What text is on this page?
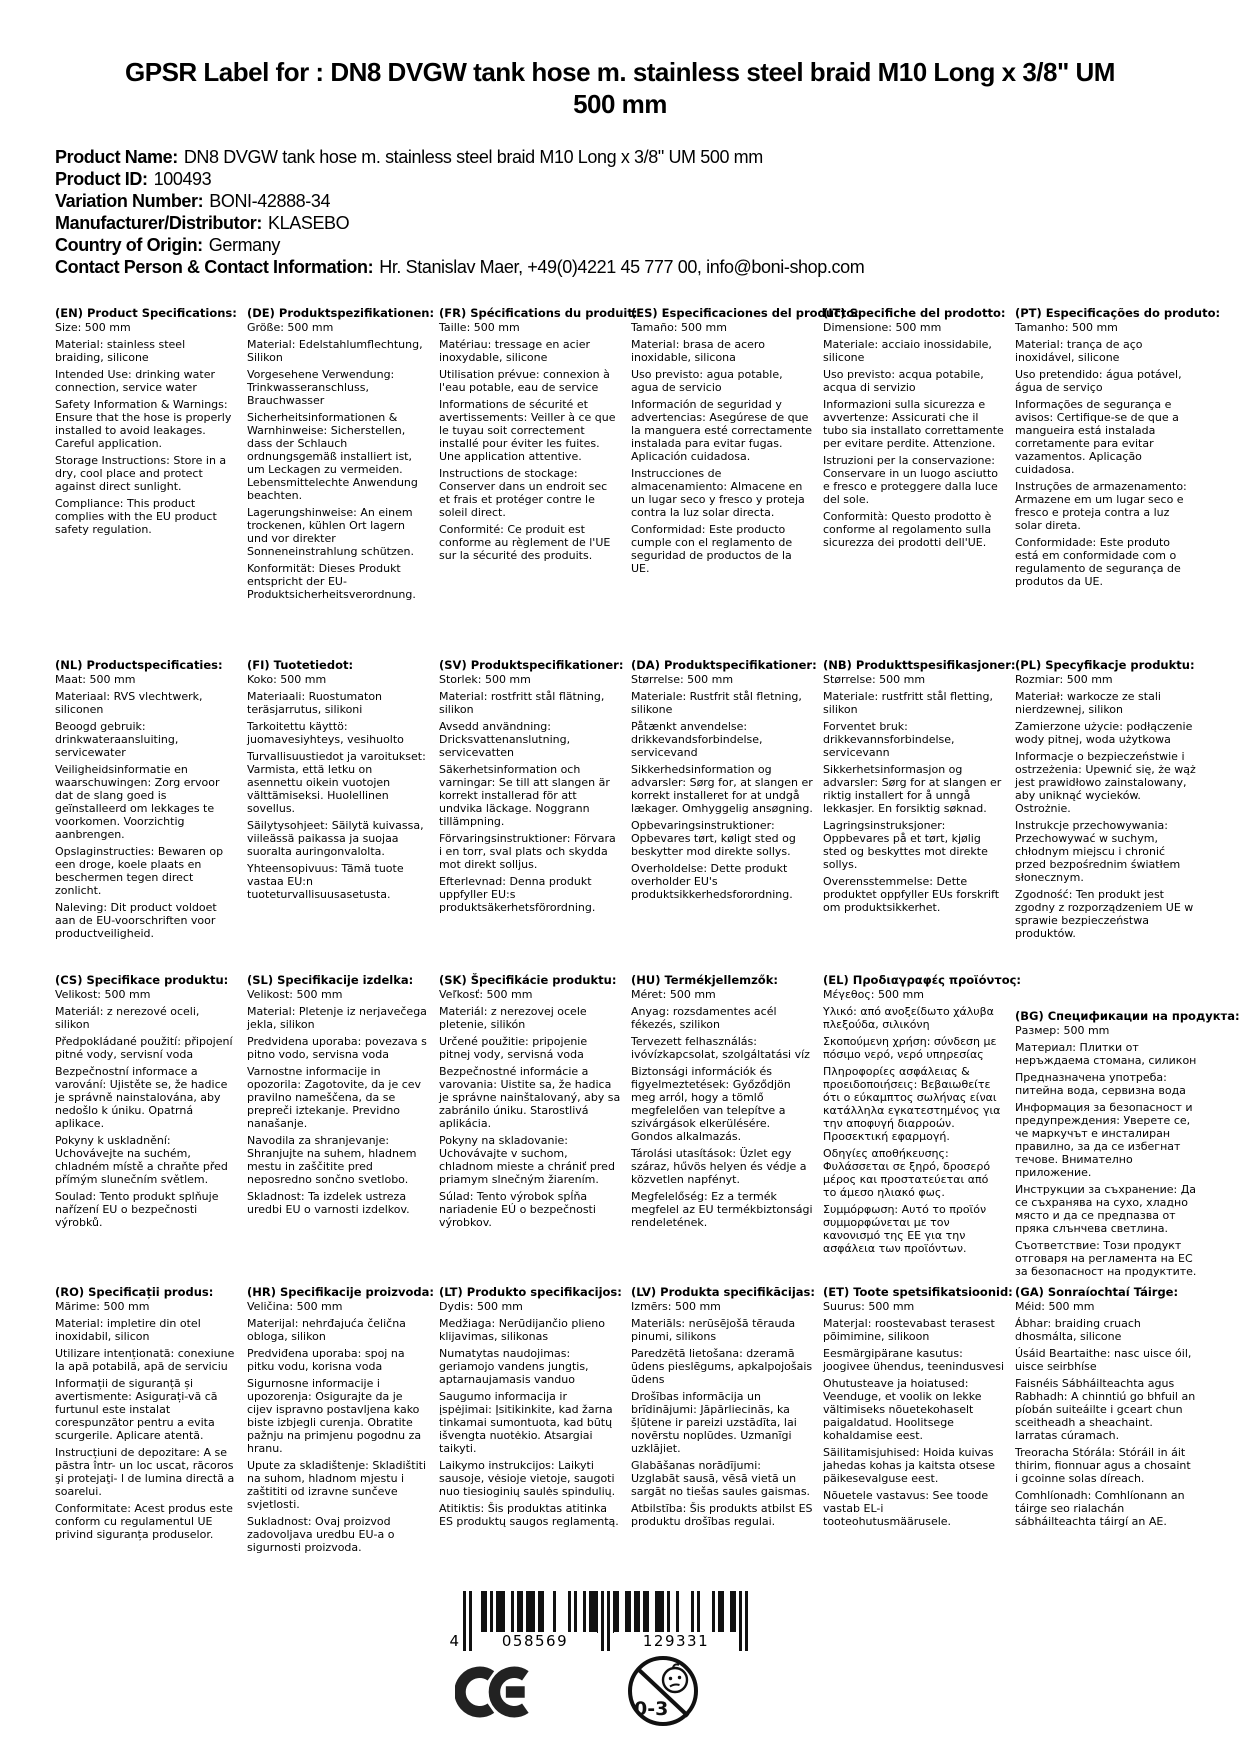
GPSR Label for : DN8 DVGW tank hose m. stainless steel braid M10 Long x 3/8" UM 500 mm
Product Name: DN8 DVGW tank hose m. stainless steel braid M10 Long x 3/8" UM 500 mm
Product ID: 100493
Variation Number: BONI-42888-34
Manufacturer/Distributor: KLASEBO
Country of Origin: Germany
Contact Person & Contact Information: Hr. Stanislav Maer, +49(0)4221 45 777 00, info@boni-shop.com
(EN) Product Specifications:

Size: 500 mm

Material: stainless steel braiding, silicone

Intended Use: drinking water connection, service water

Safety Information & Warnings: Ensure that the hose is properly installed to avoid leakages. Careful application.

Storage Instructions: Store in a dry, cool place and protect against direct sunlight.

Compliance: This product complies with the EU product safety regulation.

(DE) Produktspezifikationen:

Größe: 500 mm

Material: Edelstahlumflechtung, Silikon

Vorgesehene Verwendung: Trinkwasseranschluss, Brauchwasser

Sicherheitsinformationen & Warnhinweise: Sicherstellen, dass der Schlauch ordnungsgemäß installiert ist, um Leckagen zu vermeiden. Lebensmittelechte Anwendung beachten.

Lagerungshinweise: An einem trockenen, kühlen Ort lagern und vor direkter Sonneneinstrahlung schützen.

Konformität: Dieses Produkt entspricht der EU-Produktsicherheitsverordnung.

(FR) Spécifications du produit:

Taille: 500 mm

Matériau: tressage en acier inoxydable, silicone

Utilisation prévue: connexion à l'eau potable, eau de service

Informations de sécurité et avertissements: Veiller à ce que le tuyau soit correctement installé pour éviter les fuites. Une application attentive.

Instructions de stockage: Conserver dans un endroit sec et frais et protéger contre le soleil direct.

Conformité: Ce produit est conforme au règlement de l'UE sur la sécurité des produits.

(ES) Especificaciones del producto:

Tamaño: 500 mm

Material: brasa de acero inoxidable, silicona

Uso previsto: agua potable, agua de servicio

Información de seguridad y advertencias: Asegúrese de que la manguera esté correctamente instalada para evitar fugas. Aplicación cuidadosa.

Instrucciones de almacenamiento: Almacene en un lugar seco y fresco y proteja contra la luz solar directa.

Conformidad: Este producto cumple con el reglamento de seguridad de productos de la UE.

(IT) Specifiche del prodotto:

Dimensione: 500 mm

Materiale: acciaio inossidabile, silicone

Uso previsto: acqua potabile, acqua di servizio

Informazioni sulla sicurezza e avvertenze: Assicurati che il tubo sia installato correttamente per evitare perdite. Attenzione.

Istruzioni per la conservazione: Conservare in un luogo asciutto e fresco e proteggere dalla luce del sole.

Conformità: Questo prodotto è conforme al regolamento sulla sicurezza dei prodotti dell'UE.

(PT) Especificações do produto:

Tamanho: 500 mm

Material: trança de aço inoxidável, silicone

Uso pretendido: água potável, água de serviço

Informações de segurança e avisos: Certifique-se de que a mangueira está instalada corretamente para evitar vazamentos. Aplicação cuidadosa.

Instruções de armazenamento: Armazene em um lugar seco e fresco e proteja contra a luz solar direta.

Conformidade: Este produto está em conformidade com o regulamento de segurança de produtos da UE.

(NL) Productspecificaties:

Maat: 500 mm

Materiaal: RVS vlechtwerk, siliconen

Beoogd gebruik: drinkwateraansluiting, servicewater

Veiligheidsinformatie en waarschuwingen: Zorg ervoor dat de slang goed is geïnstalleerd om lekkages te voorkomen. Voorzichtig aanbrengen.

Opslaginstructies: Bewaren op een droge, koele plaats en beschermen tegen direct zonlicht.

Naleving: Dit product voldoet aan de EU-voorschriften voor productveiligheid.

(FI) Tuotetiedot:

Koko: 500 mm

Materiaali: Ruostumaton teräsjarrutus, silikoni

Tarkoitettu käyttö: juomavesiyhteys, vesihuolto

Turvallisuustiedot ja varoitukset: Varmista, että letku on asennettu oikein vuotojen välttämiseksi. Huolellinen sovellus.

Säilytysohjeet: Säilytä kuivassa, viileässä paikassa ja suojaa suoralta auringonvalolta.

Yhteensopivuus: Tämä tuote vastaa EU:n tuoteturvallisuusasetusta.

(SV) Produktspecifikationer:

Storlek: 500 mm

Material: rostfritt stål flätning, silikon

Avsedd användning: Dricksvattenanslutning, servicevatten

Säkerhetsinformation och varningar: Se till att slangen är korrekt installerad för att undvika läckage. Noggrann tillämpning.

Förvaringsinstruktioner: Förvara i en torr, sval plats och skydda mot direkt solljus.

Efterlevnad: Denna produkt uppfyller EU:s produktsäkerhetsförordning.

(DA) Produktspecifikationer:

Størrelse: 500 mm

Materiale: Rustfrit stål fletning, silikone

Påtænkt anvendelse: drikkevandsforbindelse, servicevand

Sikkerhedsinformation og advarsler: Sørg for, at slangen er korrekt installeret for at undgå lækager. Omhyggelig ansøgning.

Opbevaringsinstruktioner: Opbevares tørt, køligt sted og beskytter mod direkte sollys.

Overholdelse: Dette produkt overholder EU's produktsikkerhedsforordning.

(NB) Produkttspesifikasjoner:

Størrelse: 500 mm

Materiale: rustfritt stål fletting, silikon

Forventet bruk: drikkevannsforbindelse, servicevann

Sikkerhetsinformasjon og advarsler: Sørg for at slangen er riktig installert for å unngå lekkasjer. En forsiktig søknad.

Lagringsinstruksjoner: Oppbevares på et tørt, kjølig sted og beskyttes mot direkte sollys.

Overensstemmelse: Dette produktet oppfyller EUs forskrift om produktsikkerhet.

(PL) Specyfikacje produktu:

Rozmiar: 500 mm

Materiał: warkocze ze stali nierdzewnej, silikon

Zamierzone użycie: podłączenie wody pitnej, woda użytkowa

Informacje o bezpieczeństwie i ostrzeżenia: Upewnić się, że wąż jest prawidłowo zainstalowany, aby uniknąć wycieków. Ostrożnie.

Instrukcje przechowywania: Przechowywać w suchym, chłodnym miejscu i chronić przed bezpośrednim światłem słonecznym.

Zgodność: Ten produkt jest zgodny z rozporządzeniem UE w sprawie bezpieczeństwa produktów.

(CS) Specifikace produktu:

Velikost: 500 mm

Materiál: z nerezové oceli, silikon

Předpokládané použití: připojení pitné vody, servisní voda

Bezpečnostní informace a varování: Ujistěte se, že hadice je správně nainstalována, aby nedošlo k úniku. Opatrná aplikace.

Pokyny k uskladnění: Uchovávejte na suchém, chladném místě a chraňte před přímým slunečním světlem.

Soulad: Tento produkt splňuje nařízení EU o bezpečnosti výrobků.

(SL) Specifikacije izdelka:

Velikost: 500 mm

Material: Pletenje iz nerjavečega jekla, silikon

Predvidena uporaba: povezava s pitno vodo, servisna voda

Varnostne informacije in opozorila: Zagotovite, da je cev pravilno nameščena, da se prepreči iztekanje. Previdno nanašanje.

Navodila za shranjevanje: Shranjujte na suhem, hladnem mestu in zaščitite pred neposredno sončno svetlobo.

Skladnost: Ta izdelek ustreza uredbi EU o varnosti izdelkov.

(SK) Špecifikácie produktu:

Veľkosť: 500 mm

Materiál: z nerezovej ocele pletenie, silikón

Určené použitie: pripojenie pitnej vody, servisná voda

Bezpečnostné informácie a varovania: Uistite sa, že hadica je správne nainštalovaný, aby sa zabránilo úniku. Starostlivá aplikácia.

Pokyny na skladovanie: Uchovávajte v suchom, chladnom mieste a chrániť pred priamym slnečným žiarením.

Súlad: Tento výrobok spĺňa nariadenie EÚ o bezpečnosti výrobkov.

(HU) Termékjellemzők:

Méret: 500 mm

Anyag: rozsdamentes acél fékezés, szilikon

Tervezett felhasználás: ivóvízkapcsolat, szolgáltatási víz

Biztonsági információk és figyelmeztetések: Győződjön meg arról, hogy a tömlő megfelelően van telepítve a szivárgások elkerülésére. Gondos alkalmazás.

Tárolási utasítások: Üzlet egy száraz, hűvös helyen és védje a közvetlen napfényt.

Megfelelőség: Ez a termék megfelel az EU termékbiztonsági rendeletének.

(EL) Προδιαγραφές προϊόντος:

Μέγεθος: 500 mm

Υλικό: από ανοξείδωτο χάλυβα πλεξούδα, σιλικόνη

Σκοπούμενη χρήση: σύνδεση με πόσιμο νερό, νερό υπηρεσίας

Πληροφορίες ασφάλειας & προειδοποιήσεις: Βεβαιωθείτε ότι ο εύκαμπτος σωλήνας είναι κατάλληλα εγκατεστημένος για την αποφυγή διαρροών. Προσεκτική εφαρμογή.

Οδηγίες αποθήκευσης: Φυλάσσεται σε ξηρό, δροσερό μέρος και προστατεύεται από το άμεσο ηλιακό φως.

Συμμόρφωση: Αυτό το προϊόν συμμορφώνεται με τον κανονισμό της ΕΕ για την ασφάλεια των προϊόντων.

(BG) Спецификации на продукта:

Размер: 500 mm

Материал: Плитки от неръждаема стомана, силикон

Предназначена употреба: питейна вода, сервизна вода

Информация за безопасност и предупреждения: Уверете се, че маркучът е инсталиран правилно, за да се избегнат течове. Внимателно приложение.

Инструкции за съхранение: Да се съхранява на сухо, хладно място и да се предпазва от пряка слънчева светлина.

Съответствие: Този продукт отговаря на регламента на ЕС за безопасност на продуктите.

(RO) Specificații produs:

Mărime: 500 mm

Material: impletire din otel inoxidabil, silicon

Utilizare intenționată: conexiune la apă potabilă, apă de serviciu

Informații de siguranță și avertismente: Asigurați-vă că furtunul este instalat corespunzător pentru a evita scurgerile. Aplicare atentă.

Instrucțiuni de depozitare: A se păstra într- un loc uscat, răcoros şi protejaţi- l de lumina directă a soarelui.

Conformitate: Acest produs este conform cu regulamentul UE privind siguranța produselor.

(HR) Specifikacije proizvoda:

Veličina: 500 mm

Materijal: nehrđajuća čelična obloga, silikon

Predviđena uporaba: spoj na pitku vodu, korisna voda

Sigurnosne informacije i upozorenja: Osigurajte da je cijev ispravno postavljena kako biste izbjegli curenja. Obratite pažnju na primjenu pogodnu za hranu.

Upute za skladištenje: Skladištiti na suhom, hladnom mjestu i zaštititi od izravne sunčeve svjetlosti.

Sukladnost: Ovaj proizvod zadovoljava uredbu EU-a o sigurnosti proizvoda.

(LT) Produkto specifikacijos:

Dydis: 500 mm

Medžiaga: Nerūdijančio plieno klijavimas, silikonas

Numatytas naudojimas: geriamojo vandens jungtis, aptarnaujamasis vanduo

Saugumo informacija ir įspėjimai: Įsitikinkite, kad žarna tinkamai sumontuota, kad būtų išvengta nuotėkio. Atsargiai taikyti.

Laikymo instrukcijos: Laikyti sausoje, vėsioje vietoje, saugoti nuo tiesioginių saulės spindulių.

Atitiktis: Šis produktas atitinka ES produktų saugos reglamentą.

(LV) Produkta specifikācijas:

Izmērs: 500 mm

Materiāls: nerūsējošā tērauda pinumi, silikons

Paredzētā lietošana: dzeramā ūdens pieslēgums, apkalpojošais ūdens

Drošības informācija un brīdinājumi: Jāpārliecinās, ka šļūtene ir pareizi uzstādīta, lai novērstu noplūdes. Uzmanīgi uzklājiet.

Glabāšanas norādījumi: Uzglabāt sausā, vēsā vietā un sargāt no tiešas saules gaismas.

Atbilstība: Šis produkts atbilst ES produktu drošības regulai.

(ET) Toote spetsifikatsioonid:

Suurus: 500 mm

Materjal: roostevabast terasest põimimine, silikoon

Eesmärgipärane kasutus: joogivee ühendus, teenindusvesi

Ohutusteave ja hoiatused: Veenduge, et voolik on lekke vältimiseks nõuetekohaselt paigaldatud. Hoolitsege kohaldamise eest.

Säilitamisjuhised: Hoida kuivas jahedas kohas ja kaitsta otsese päikesevalguse eest.

Nõuetele vastavus: See toode vastab EL-i tooteohutusmäärusele.

(GA) Sonraíochtaí Táirge:

Méid: 500 mm

Ábhar: braiding cruach dhosmálta, silicone

Úsáid Beartaithe: nasc uisce óil, uisce seirbhíse

Faisnéis Sábháilteachta agus Rabhadh: A chinntiú go bhfuil an píobán suiteáilte i gceart chun sceitheadh a sheachaint. Iarratas cúramach.

Treoracha Stórála: Stóráil in áit thirim, fionnuar agus a chosaint i gcoinne solas díreach.

Comhlíonadh: Comhlíonann an táirge seo rialachán sábháilteachta táirgí an AE.

4	058569	129331
0-3
